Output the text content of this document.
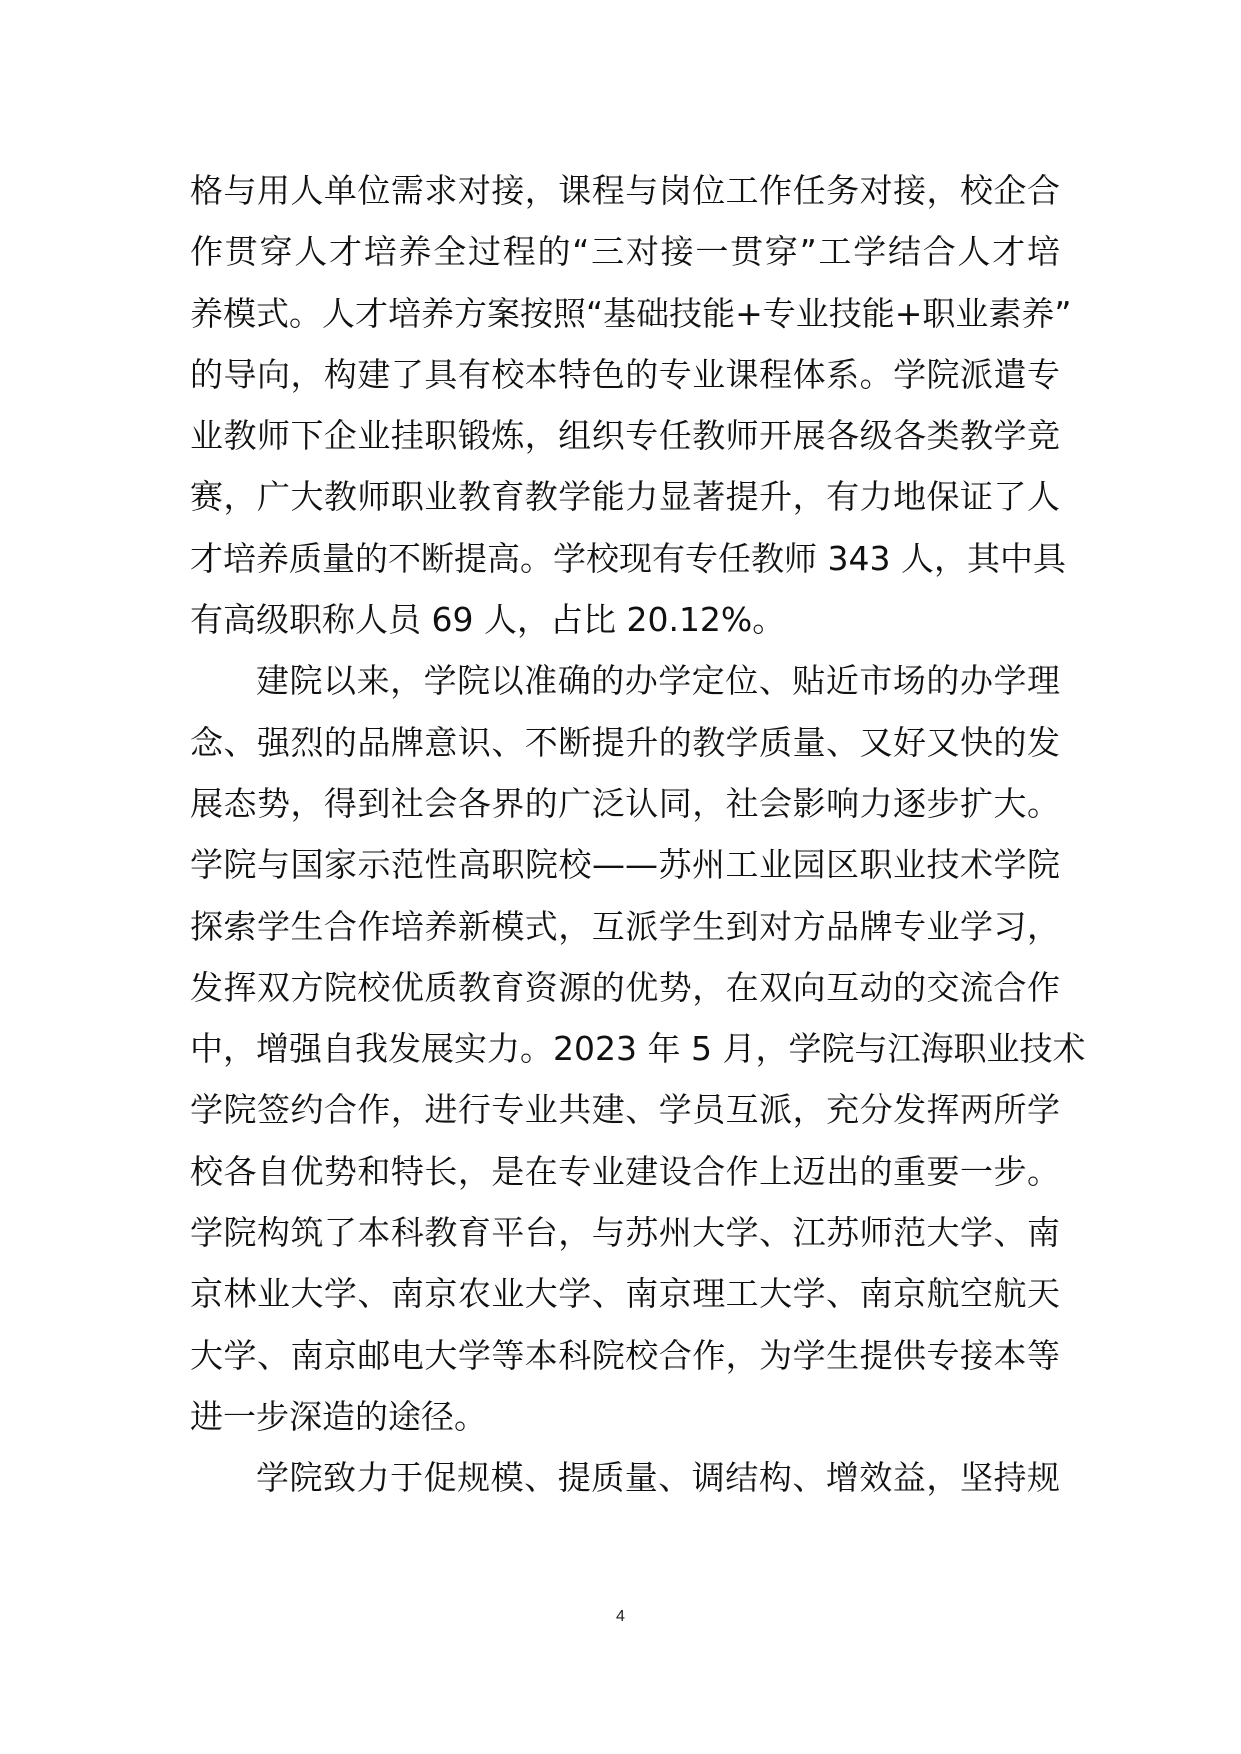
格与用人单位需求对接，课程与岗位工作任务对接，校企合
作贯穿人才培养全过程的“三对接一贯穿”工学结合人才培
养模式。人才培养方案按照“基础技能+专业技能+职业素养”
的导向，构建了具有校本特色的专业课程体系。学院派遣专
业教师下企业挂职锻炼，组织专任教师开展各级各类教学竞
赛，广大教师职业教育教学能力显著提升，有力地保证了人
才培养质量的不断提高。学校现有专任教师 343 人，其中具
有高级职称人员 69 人，占比 20.12%。
建院以来，学院以准确的办学定位、贴近市场的办学理
念、强烈的品牌意识、不断提升的教学质量、又好又快的发
展态势，得到社会各界的广泛认同，社会影响力逐步扩大。
学院与国家示范性高职院校——苏州工业园区职业技术学院
探索学生合作培养新模式，互派学生到对方品牌专业学习，
发挥双方院校优质教育资源的优势，在双向互动的交流合作
中，增强自我发展实力。2023 年 5 月，学院与江海职业技术
学院签约合作，进行专业共建、学员互派，充分发挥两所学
校各自优势和特长，是在专业建设合作上迈出的重要一步。
学院构筑了本科教育平台，与苏州大学、江苏师范大学、南
京林业大学、南京农业大学、南京理工大学、南京航空航天
大学、南京邮电大学等本科院校合作，为学生提供专接本等
进一步深造的途径。
学院致力于促规模、提质量、调结构、增效益，坚持规
4
